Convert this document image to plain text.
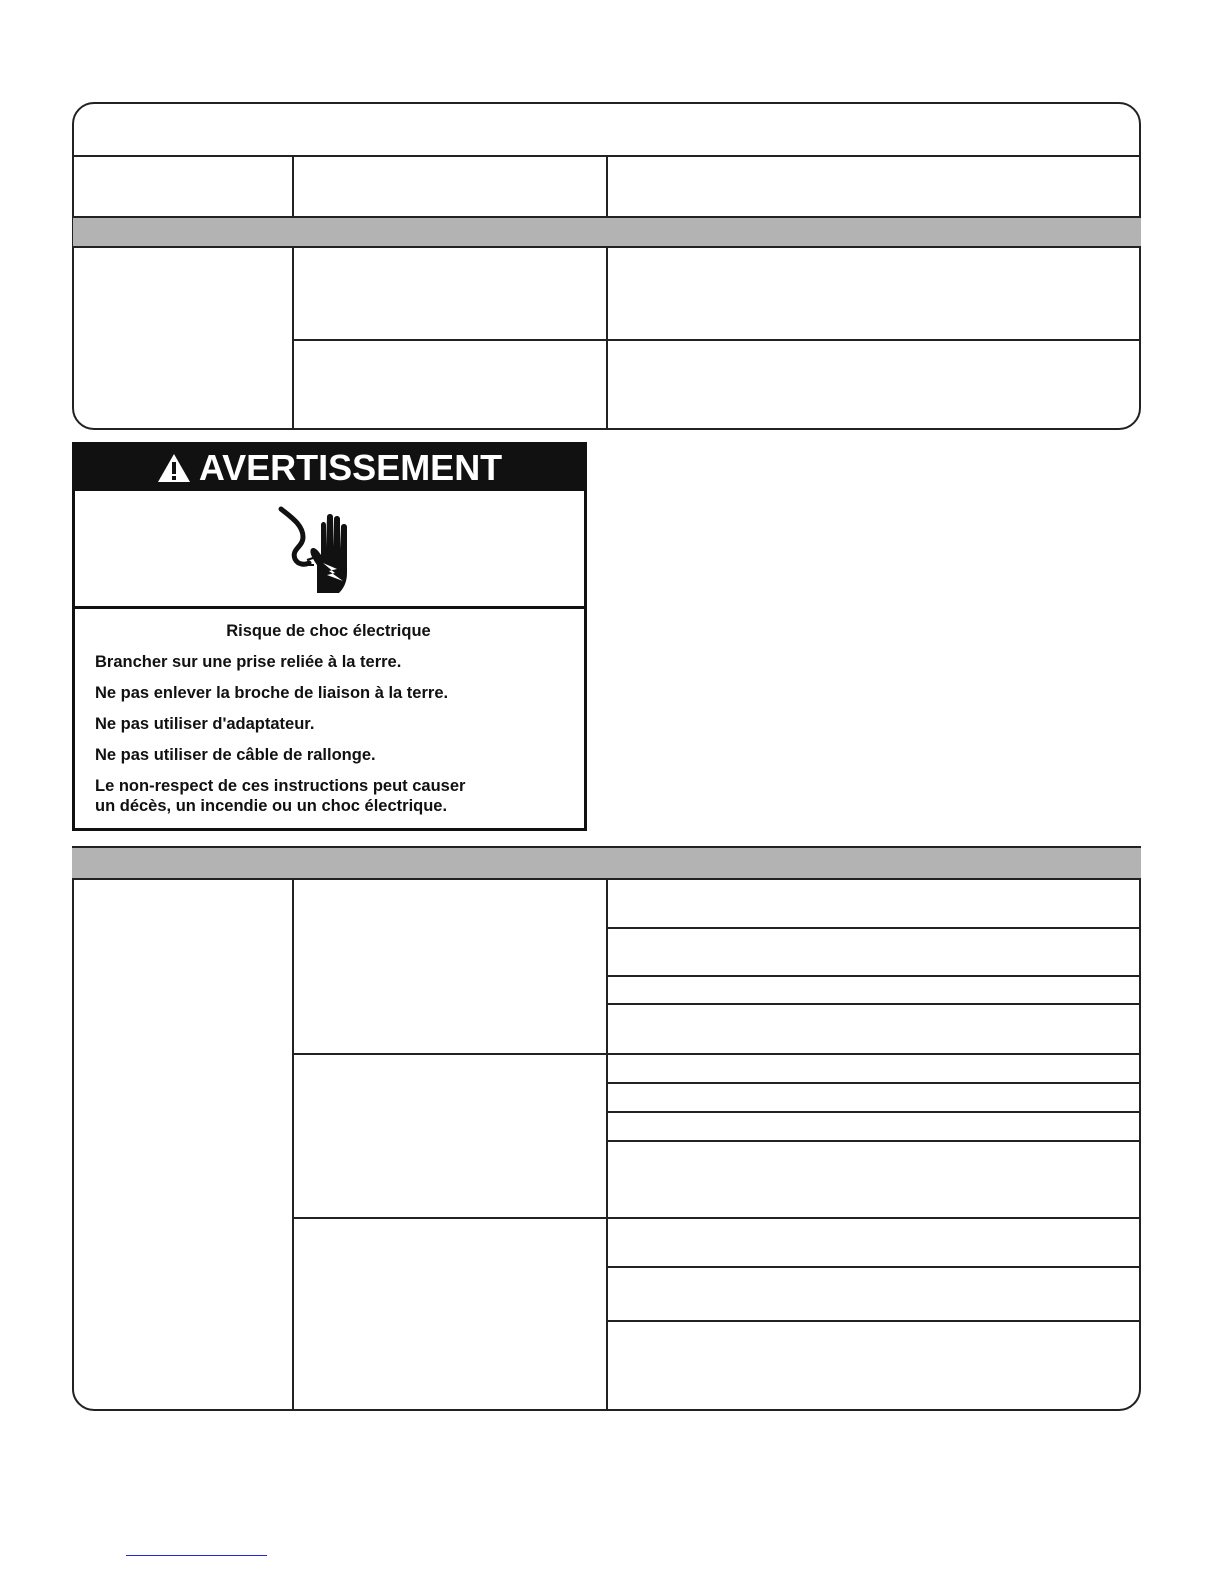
AVERTISSEMENT
Risque de choc électrique
Brancher sur une prise reliée à la terre.
Ne pas enlever la broche de liaison à la terre.
Ne pas utiliser d'adaptateur.
Ne pas utiliser de câble de rallonge.
Le non-respect de ces instructions peut causer
un décès, un incendie ou un choc électrique.
